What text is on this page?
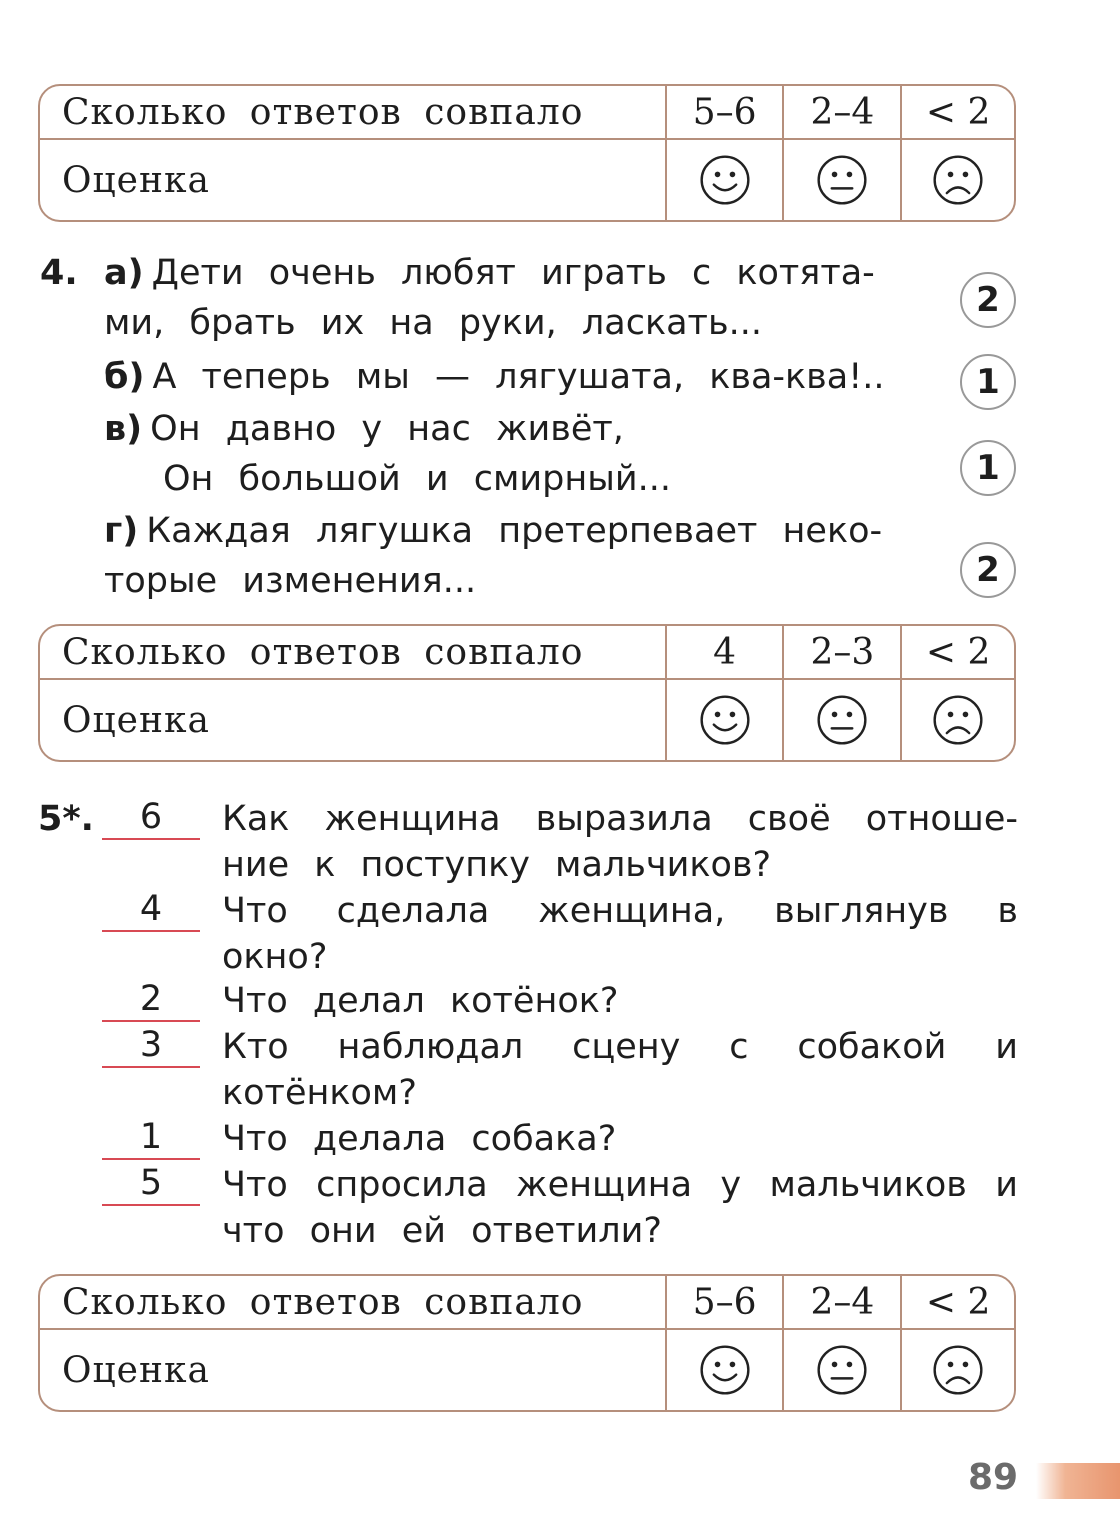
Сколько ответов совпало	5–6	2–4	< 2
Оценка
4. а) Дети очень любят играть с котята-
ми, брать их на руки, ласкать...
2
б) А теперь мы — лягушата, ква-ква!..	1
в) Он давно у нас живёт,
Он большой и смирный...	1
г) Каждая лягушка претерпевает неко-
торые изменения...	2
Сколько ответов совпало	4	2–3	< 2
Оценка
5*.	6	Как женщина выразила своё отноше-ние к поступку мальчиков?
4	Что сделала женщина, выглянув в окно?
2	Что делал котёнок?
3	Кто наблюдал сцену с собакой и котёнком?
1	Что делала собака?
5	Что спросила женщина у мальчиков и что они ей ответили?
Сколько ответов совпало	5–6	2–4	< 2
Оценка
89
